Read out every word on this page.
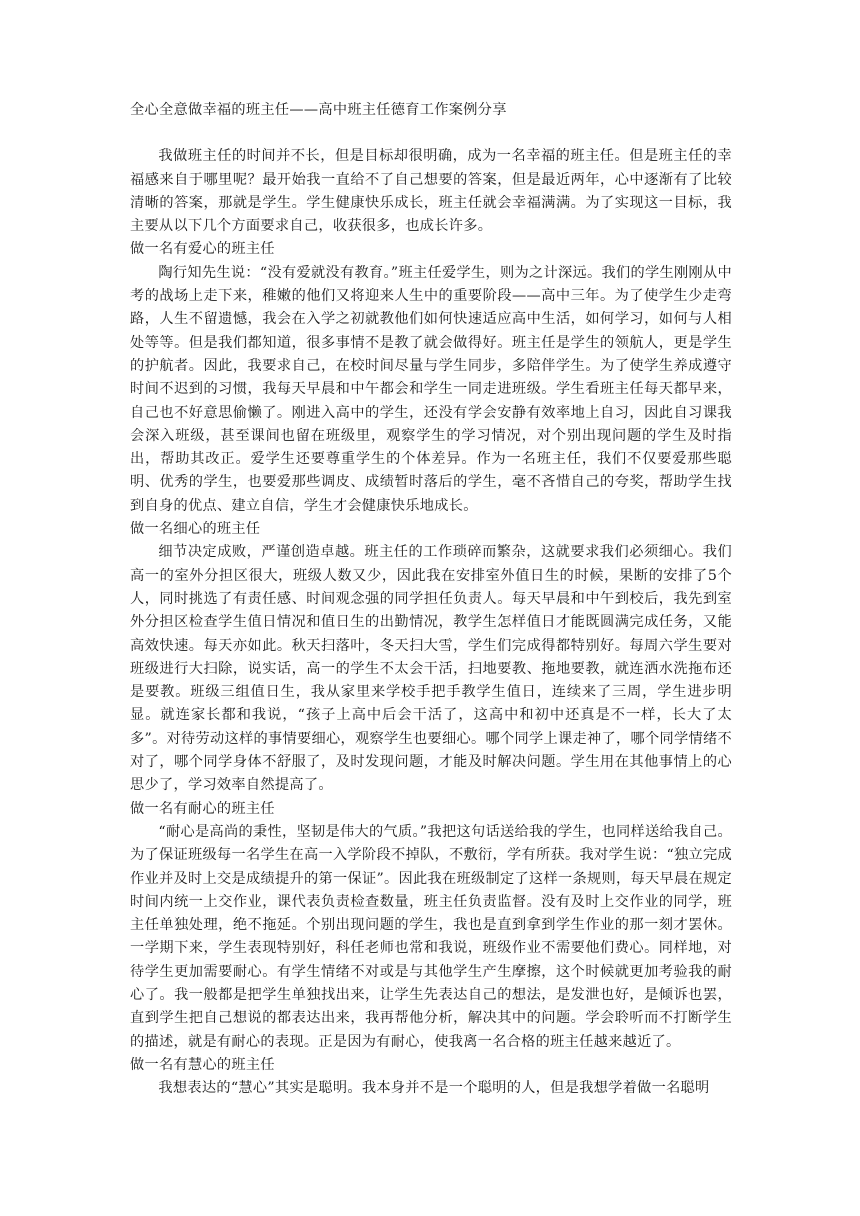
全心全意做幸福的班主任——高中班主任德育工作案例分享

我做班主任的时间并不长，但是目标却很明确，成为一名幸福的班主任。但是班主任的幸福感来自于哪里呢？最开始我一直给不了自己想要的答案，但是最近两年，心中逐渐有了比较清晰的答案，那就是学生。学生健康快乐成长，班主任就会幸福满满。为了实现这一目标，我主要从以下几个方面要求自己，收获很多，也成长许多。

做一名有爱心的班主任

陶行知先生说：“没有爱就没有教育。”班主任爱学生，则为之计深远。我们的学生刚刚从中考的战场上走下来，稚嫩的他们又将迎来人生中的重要阶段——高中三年。为了使学生少走弯路，人生不留遗憾，我会在入学之初就教他们如何快速适应高中生活，如何学习，如何与人相处等等。但是我们都知道，很多事情不是教了就会做得好。班主任是学生的领航人，更是学生的护航者。因此，我要求自己，在校时间尽量与学生同步，多陪伴学生。为了使学生养成遵守时间不迟到的习惯，我每天早晨和中午都会和学生一同走进班级。学生看班主任每天都早来，自己也不好意思偷懒了。刚进入高中的学生，还没有学会安静有效率地上自习，因此自习课我会深入班级，甚至课间也留在班级里，观察学生的学习情况，对个别出现问题的学生及时指出，帮助其改正。爱学生还要尊重学生的个体差异。作为一名班主任，我们不仅要爱那些聪明、优秀的学生，也要爱那些调皮、成绩暂时落后的学生，毫不吝惜自己的夸奖，帮助学生找到自身的优点、建立自信，学生才会健康快乐地成长。

做一名细心的班主任

细节决定成败，严谨创造卓越。班主任的工作琐碎而繁杂，这就要求我们必须细心。我们高一的室外分担区很大，班级人数又少，因此我在安排室外值日生的时候，果断的安排了5个人，同时挑选了有责任感、时间观念强的同学担任负责人。每天早晨和中午到校后，我先到室外分担区检查学生值日情况和值日生的出勤情况，教学生怎样值日才能既圆满完成任务，又能高效快速。每天亦如此。秋天扫落叶，冬天扫大雪，学生们完成得都特别好。每周六学生要对班级进行大扫除，说实话，高一的学生不太会干活，扫地要教、拖地要教，就连洒水洗拖布还是要教。班级三组值日生，我从家里来学校手把手教学生值日，连续来了三周，学生进步明显。就连家长都和我说，“孩子上高中后会干活了，这高中和初中还真是不一样，长大了太多”。对待劳动这样的事情要细心，观察学生也要细心。哪个同学上课走神了，哪个同学情绪不对了，哪个同学身体不舒服了，及时发现问题，才能及时解决问题。学生用在其他事情上的心思少了，学习效率自然提高了。

做一名有耐心的班主任

“耐心是高尚的秉性，坚韧是伟大的气质。”我把这句话送给我的学生，也同样送给我自己。为了保证班级每一名学生在高一入学阶段不掉队，不敷衍，学有所获。我对学生说：“独立完成作业并及时上交是成绩提升的第一保证”。因此我在班级制定了这样一条规则，每天早晨在规定时间内统一上交作业，课代表负责检查数量，班主任负责监督。没有及时上交作业的同学，班主任单独处理，绝不拖延。个别出现问题的学生，我也是直到拿到学生作业的那一刻才罢休。一学期下来，学生表现特别好，科任老师也常和我说，班级作业不需要他们费心。同样地，对待学生更加需要耐心。有学生情绪不对或是与其他学生产生摩擦，这个时候就更加考验我的耐心了。我一般都是把学生单独找出来，让学生先表达自己的想法，是发泄也好，是倾诉也罢，直到学生把自己想说的都表达出来，我再帮他分析，解决其中的问题。学会聆听而不打断学生的描述，就是有耐心的表现。正是因为有耐心，使我离一名合格的班主任越来越近了。

做一名有慧心的班主任

我想表达的“慧心”其实是聪明。我本身并不是一个聪明的人，但是我想学着做一名聪明
